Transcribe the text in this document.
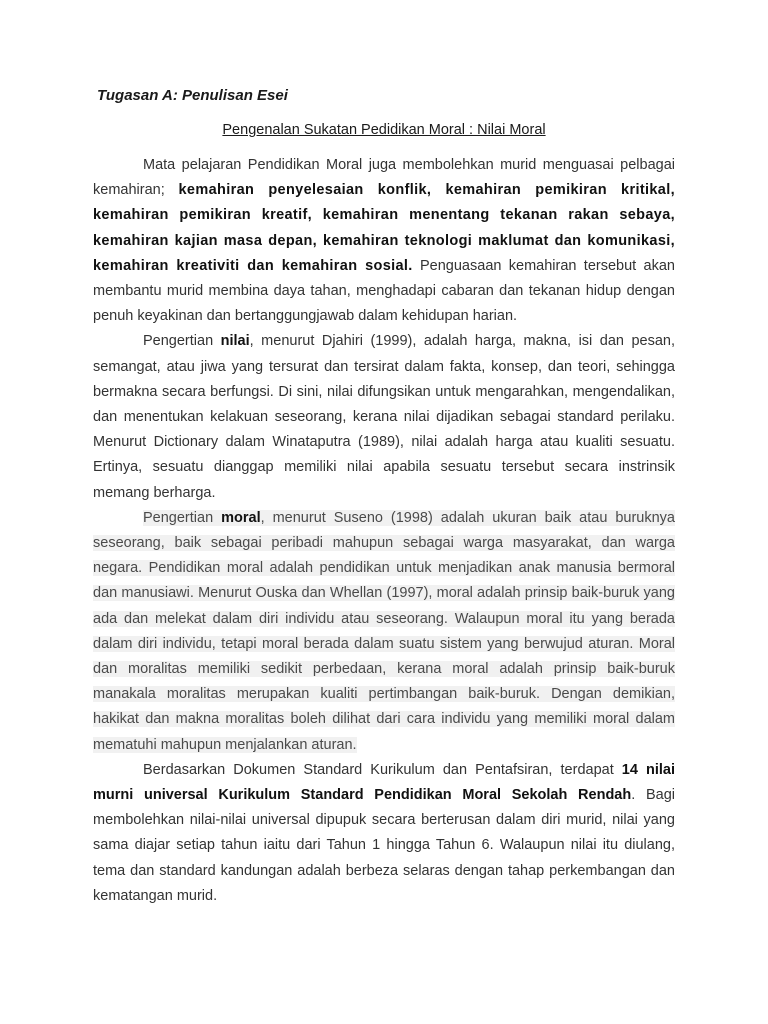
Tugasan A: Penulisan Esei

Pengenalan Sukatan Pedidikan Moral : Nilai Moral

Mata pelajaran Pendidikan Moral juga membolehkan murid menguasai pelbagai kemahiran; kemahiran penyelesaian konflik, kemahiran pemikiran kritikal, kemahiran pemikiran kreatif, kemahiran menentang tekanan rakan sebaya, kemahiran kajian masa depan, kemahiran teknologi maklumat dan komunikasi, kemahiran kreativiti dan kemahiran sosial. Penguasaan kemahiran tersebut akan membantu murid membina daya tahan, menghadapi cabaran dan tekanan hidup dengan penuh keyakinan dan bertanggungjawab dalam kehidupan harian.

Pengertian nilai, menurut Djahiri (1999), adalah harga, makna, isi dan pesan, semangat, atau jiwa yang tersurat dan tersirat dalam fakta, konsep, dan teori, sehingga bermakna secara berfungsi. Di sini, nilai difungsikan untuk mengarahkan, mengendalikan, dan menentukan kelakuan seseorang, kerana nilai dijadikan sebagai standard perilaku. Menurut Dictionary dalam Winataputra (1989), nilai adalah harga atau kualiti sesuatu. Ertinya, sesuatu dianggap memiliki nilai apabila sesuatu tersebut secara instrinsik memang berharga.

Pengertian moral, menurut Suseno (1998) adalah ukuran baik atau buruknya seseorang, baik sebagai peribadi mahupun sebagai warga masyarakat, dan warga negara. Pendidikan moral adalah pendidikan untuk menjadikan anak manusia bermoral dan manusiawi. Menurut Ouska dan Whellan (1997), moral adalah prinsip baik-buruk yang ada dan melekat dalam diri individu atau seseorang. Walaupun moral itu yang berada dalam diri individu, tetapi moral berada dalam suatu sistem yang berwujud aturan. Moral dan moralitas memiliki sedikit perbedaan, kerana moral adalah prinsip baik-buruk manakala moralitas merupakan kualiti pertimbangan baik-buruk. Dengan demikian, hakikat dan makna moralitas boleh dilihat dari cara individu yang memiliki moral dalam mematuhi mahupun menjalankan aturan.

Berdasarkan Dokumen Standard Kurikulum dan Pentafsiran, terdapat 14 nilai murni universal Kurikulum Standard Pendidikan Moral Sekolah Rendah. Bagi membolehkan nilai-nilai universal dipupuk secara berterusan dalam diri murid, nilai yang sama diajar setiap tahun iaitu dari Tahun 1 hingga Tahun 6. Walaupun nilai itu diulang, tema dan standard kandungan adalah berbeza selaras dengan tahap perkembangan dan kematangan murid.
